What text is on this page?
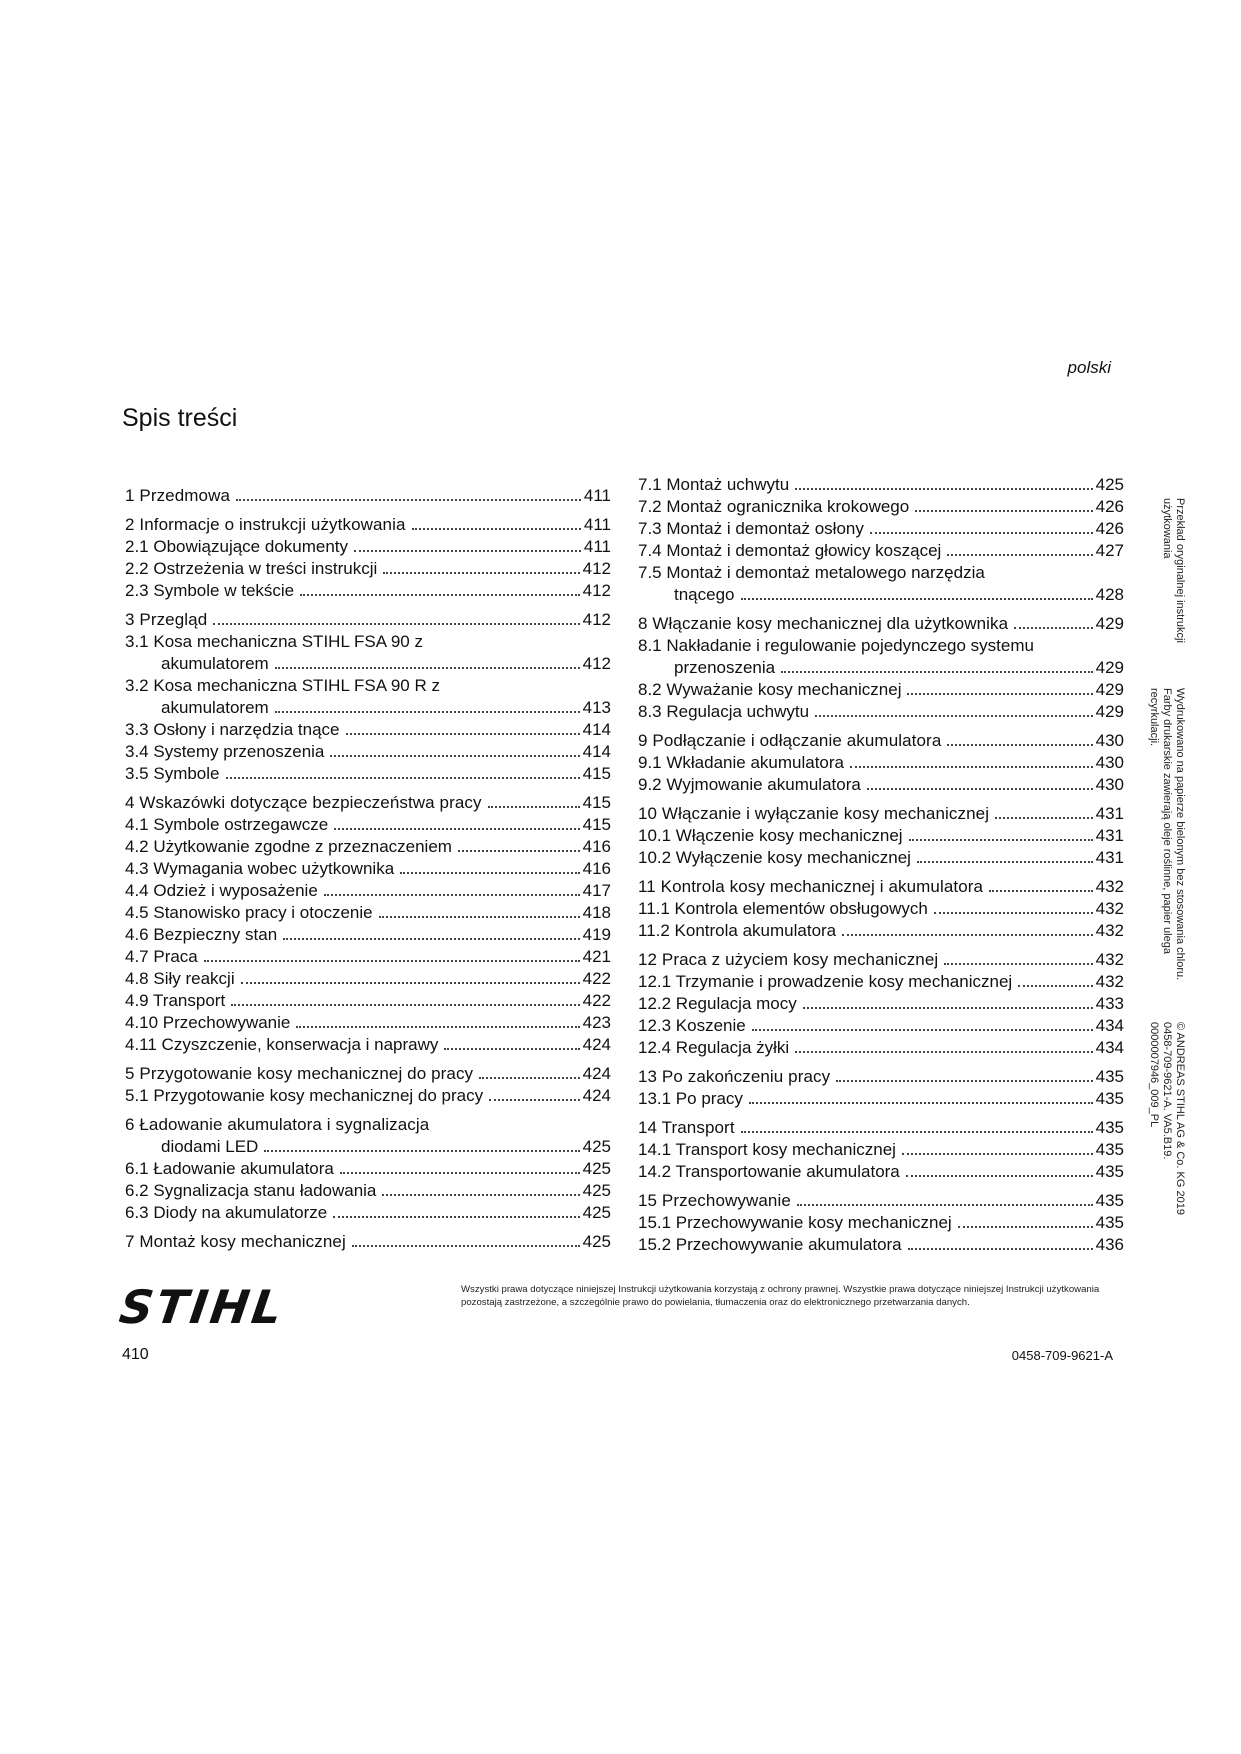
polski
Spis treści
1 Przedmowa	411
2 Informacje o instrukcji użytkowania	411
2.1 Obowiązujące dokumenty	411
2.2 Ostrzeżenia w treści instrukcji	412
2.3 Symbole w tekście	412
3 Przegląd	412
3.1 Kosa mechaniczna STIHL FSA 90 z
akumulatorem	412
3.2 Kosa mechaniczna STIHL FSA 90 R z
akumulatorem	413
3.3 Osłony i narzędzia tnące	414
3.4 Systemy przenoszenia	414
3.5 Symbole	415
4 Wskazówki dotyczące bezpieczeństwa pracy	415
4.1 Symbole ostrzegawcze	415
4.2 Użytkowanie zgodne z przeznaczeniem	416
4.3 Wymagania wobec użytkownika	416
4.4 Odzież i wyposażenie	417
4.5 Stanowisko pracy i otoczenie	418
4.6 Bezpieczny stan	419
4.7 Praca	421
4.8 Siły reakcji	422
4.9 Transport	422
4.10 Przechowywanie	423
4.11 Czyszczenie, konserwacja i naprawy	424
5 Przygotowanie kosy mechanicznej do pracy	424
5.1 Przygotowanie kosy mechanicznej do pracy	424
6 Ładowanie akumulatora i sygnalizacja
diodami LED	425
6.1 Ładowanie akumulatora	425
6.2 Sygnalizacja stanu ładowania	425
6.3 Diody na akumulatorze	425
7 Montaż kosy mechanicznej	425
7.1 Montaż uchwytu	425
7.2 Montaż ogranicznika krokowego	426
7.3 Montaż i demontaż osłony	426
7.4 Montaż i demontaż głowicy koszącej	427
7.5 Montaż i demontaż metalowego narzędzia
tnącego	428
8 Włączanie kosy mechanicznej dla użytkownika	429
8.1 Nakładanie i regulowanie pojedynczego systemu
przenoszenia	429
8.2 Wyważanie kosy mechanicznej	429
8.3 Regulacja uchwytu	429
9 Podłączanie i odłączanie akumulatora	430
9.1 Wkładanie akumulatora	430
9.2 Wyjmowanie akumulatora	430
10 Włączanie i wyłączanie kosy mechanicznej	431
10.1 Włączenie kosy mechanicznej	431
10.2 Wyłączenie kosy mechanicznej	431
11 Kontrola kosy mechanicznej i akumulatora	432
11.1 Kontrola elementów obsługowych	432
11.2 Kontrola akumulatora	432
12 Praca z użyciem kosy mechanicznej	432
12.1 Trzymanie i prowadzenie kosy mechanicznej	432
12.2 Regulacja mocy	433
12.3 Koszenie	434
12.4 Regulacja żyłki	434
13 Po zakończeniu pracy	435
13.1 Po pracy	435
14 Transport	435
14.1 Transport kosy mechanicznej	435
14.2 Transportowanie akumulatora	435
15 Przechowywanie	435
15.1 Przechowywanie kosy mechanicznej	435
15.2 Przechowywanie akumulatora	436
Przekład oryginalnej instrukcji
użytkowania
Wydrukowano na papierze bielonym bez stosowania chloru.
Farby drukarskie zawierają oleje roślinne, papier ulega
recyrkulacji.
© ANDREAS STIHL AG & Co. KG 2019
0458-709-9621-A. VA5.B19.
0000007946_009_PL
STIHL	Wszystki prawa dotyczące niniejszej Instrukcji użytkowania korzystają z ochrony prawnej. Wszystkie prawa dotyczące niniejszej Instrukcji użytkowania pozostają zastrzeżone, a szczególnie prawo do powielania, tłumaczenia oraz do elektronicznego przetwarzania danych.
410	0458-709-9621-A
